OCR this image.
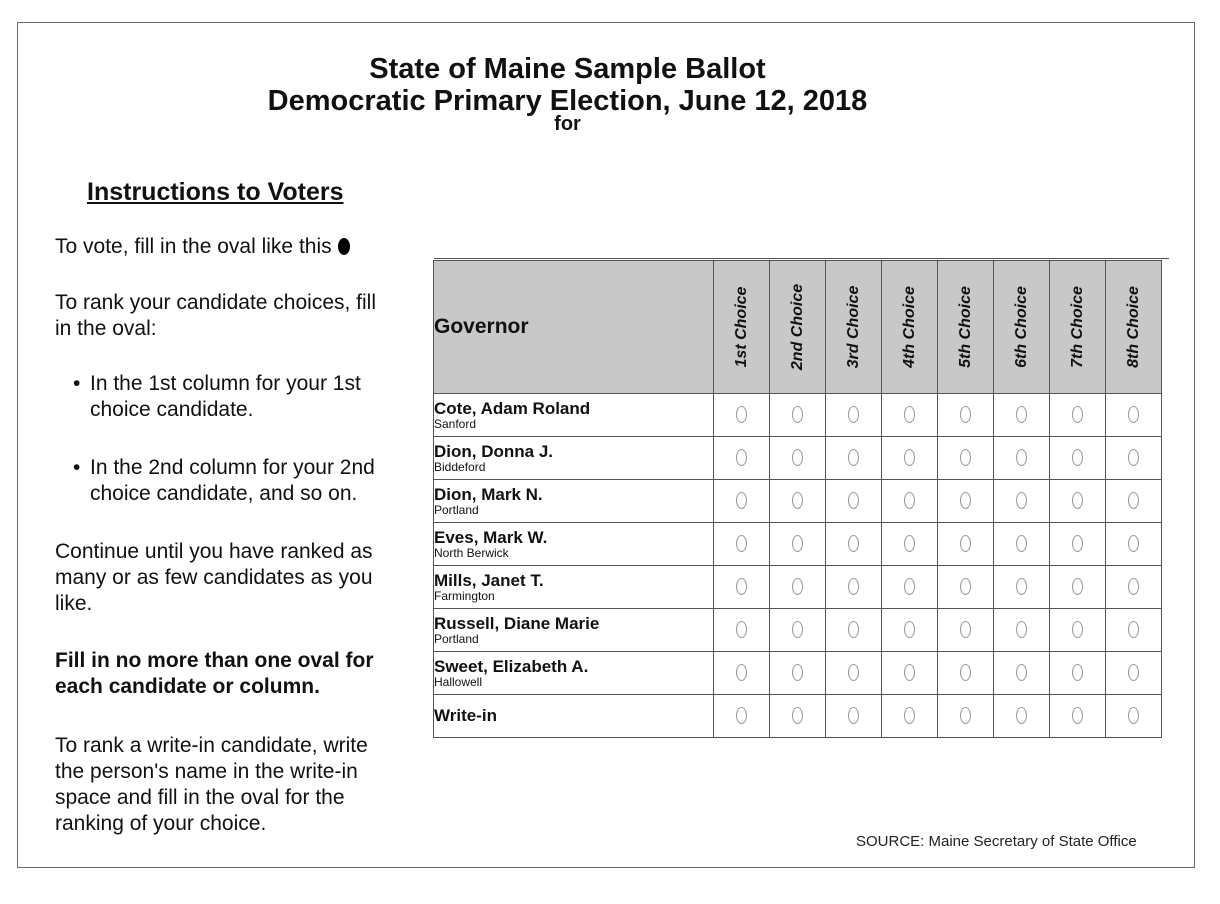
State of Maine Sample Ballot
Democratic Primary Election, June 12, 2018
for
Instructions to Voters
To vote, fill in the oval like this
To rank your candidate choices, fill
in the oval:
• In the 1st column for your 1st
choice candidate.
• In the 2nd column for your 2nd
choice candidate, and so on.
Continue until you have ranked as
many or as few candidates as you
like.
Fill in no more than one oval for
each candidate or column.
To rank a write-in candidate, write
the person's name in the write-in
space and fill in the oval for the
ranking of your choice.
Governor	1st Choice	2nd Choice	3rd Choice	4th Choice	5th Choice	6th Choice	7th Choice	8th Choice

Cote, Adam Roland
Sanford								

Dion, Donna J.
Biddeford								

Dion, Mark N.
Portland								

Eves, Mark W.
North Berwick								

Mills, Janet T.
Farmington								

Russell, Diane Marie
Portland								

Sweet, Elizabeth A.
Hallowell								

Write-in								

SOURCE: Maine Secretary of State Office
